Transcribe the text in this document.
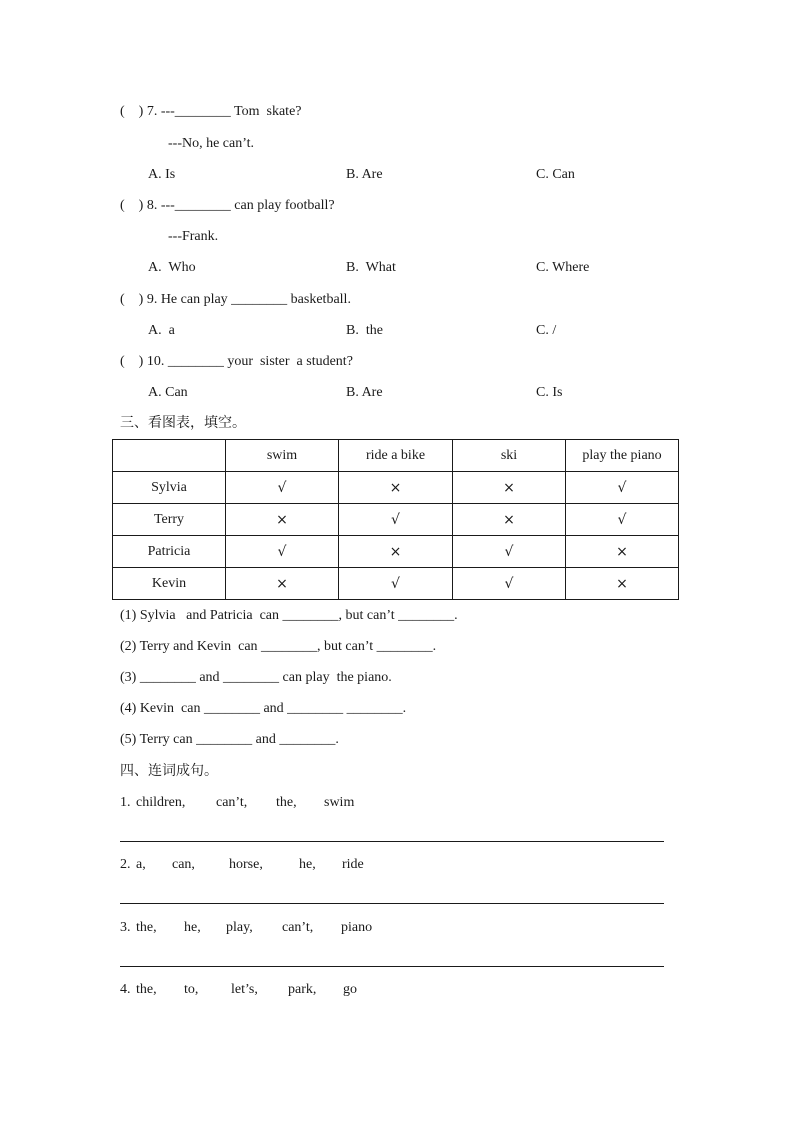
(    ) 7. ---________ Tom  skate?
---No, he can’t.
A. Is	B. Are	C. Can
(    ) 8. ---________ can play football?
---Frank.
A.  Who	B.  What	C. Where
(    ) 9. He can play ________ basketball.
A.  a	B.  the	C. /
(    ) 10. ________ your  sister  a student?
A. Can	B. Are	C. Is
三、看图表，填空。
	swim	ride a bike	ski	play the piano
Sylvia	√	×	×	√
Terry	×	√	×	√
Patricia	√	×	√	×
Kevin	×	√	√	×
(1) Sylvia   and Patricia  can ________, but can’t ________.
(2) Terry and Kevin  can ________, but can’t ________.
(3) ________ and ________ can play  the piano.
(4) Kevin  can ________ and ________ ________.
(5) Terry can ________ and ________.
四、连词成句。
1. children, can’t, the, swim
2. a, can, horse,	he, ride
3. the, he, play, can’t, piano
4. the, to, let’s, park, go
